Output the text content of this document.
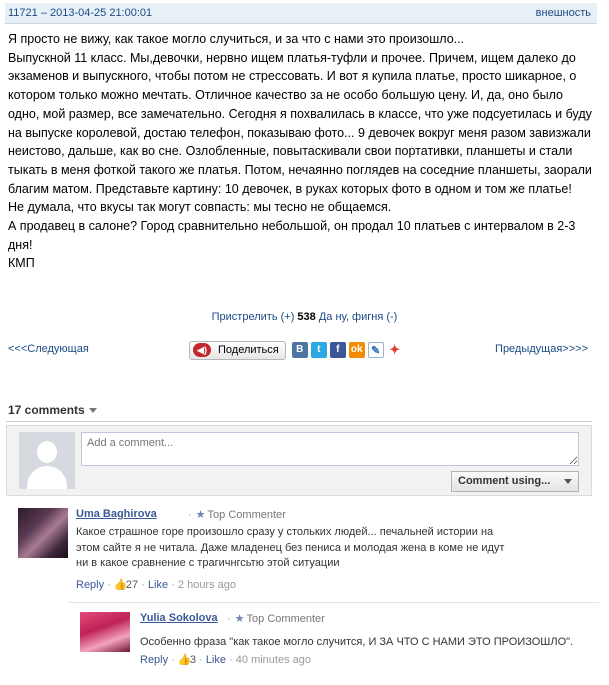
11721 – 2013-04-25 21:00:01	внешность

Я просто не вижу, как такое могло случиться, и за что с нами это произошло...

Выпускной 11 класс. Мы,девочки, нервно ищем платья-туфли и прочее. Причем, ищем далеко до экзаменов и выпускного, чтобы потом не стрессовать. И вот я купила платье, просто шикарное, о котором только можно мечтать. Отличное качество за не особо большую цену. И, да, оно было одно, мой размер, все замечательно. Сегодня я похвалилась в классе, что уже подсуетилась и буду на выпуске королевой, достаю телефон, показываю фото... 9 девочек вокруг меня разом завизжали неистово, дальше, как во сне. Озлобленные, повытаскивали свои портативки, планшеты и стали тыкать в меня фоткой такого же платья. Потом, нечаянно поглядев на соседние планшеты, заорали благим матом. Представьте картину: 10 девочек, в руках которых фото в одном и том же платье!

Не думала, что вкусы так могут совпасть: мы тесно не общаемся.

А продавец в салоне? Город сравнительно небольшой, он продал 10 платьев с интервалом в 2-3 дня!

КМП

Пристрелить (+) 538 Да ну, фигня (-)
<<<Следующая	◀)	Поделиться	В	t	f	ok ✎ ✦	Предыдущая>>>>
17 comments
Add a comment...
Comment using...
Uma Baghirova	· ★ Top Commenter
Какое страшное горе произошло сразу у стольких людей... печальней истории на этом сайте я не читала. Даже младенец без пениса и молодая жена в коме не идут ни в какое сравнение с трагичнгсьтю этой ситуации
Reply · 👍27 · Like · 2 hours ago
Yulia Sokolova · ★ Top Commenter
Особенно фраза "как такое могло случится, И ЗА ЧТО С НАМИ ЭТО ПРОИЗОШЛО".
Reply · 👍3 · Like · 40 minutes ago
